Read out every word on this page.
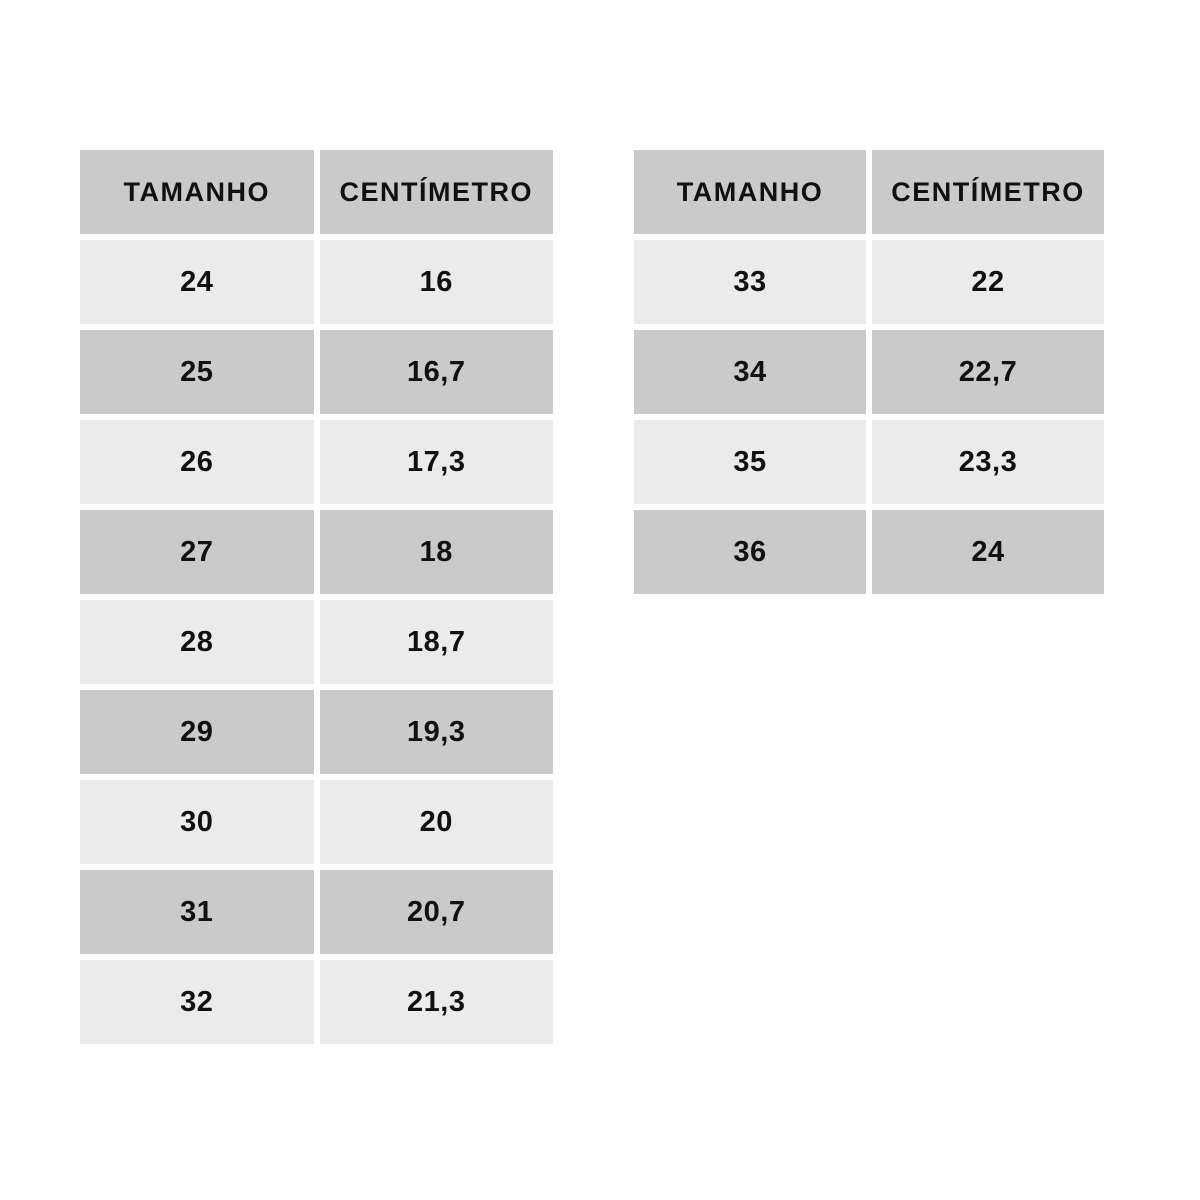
TAMANHO	CENTÍMETRO
24	16
25	16,7
26	17,3
27	18
28	18,7
29	19,3
30	20
31	20,7
32	21,3
TAMANHO	CENTÍMETRO
33	22
34	22,7
35	23,3
36	24
